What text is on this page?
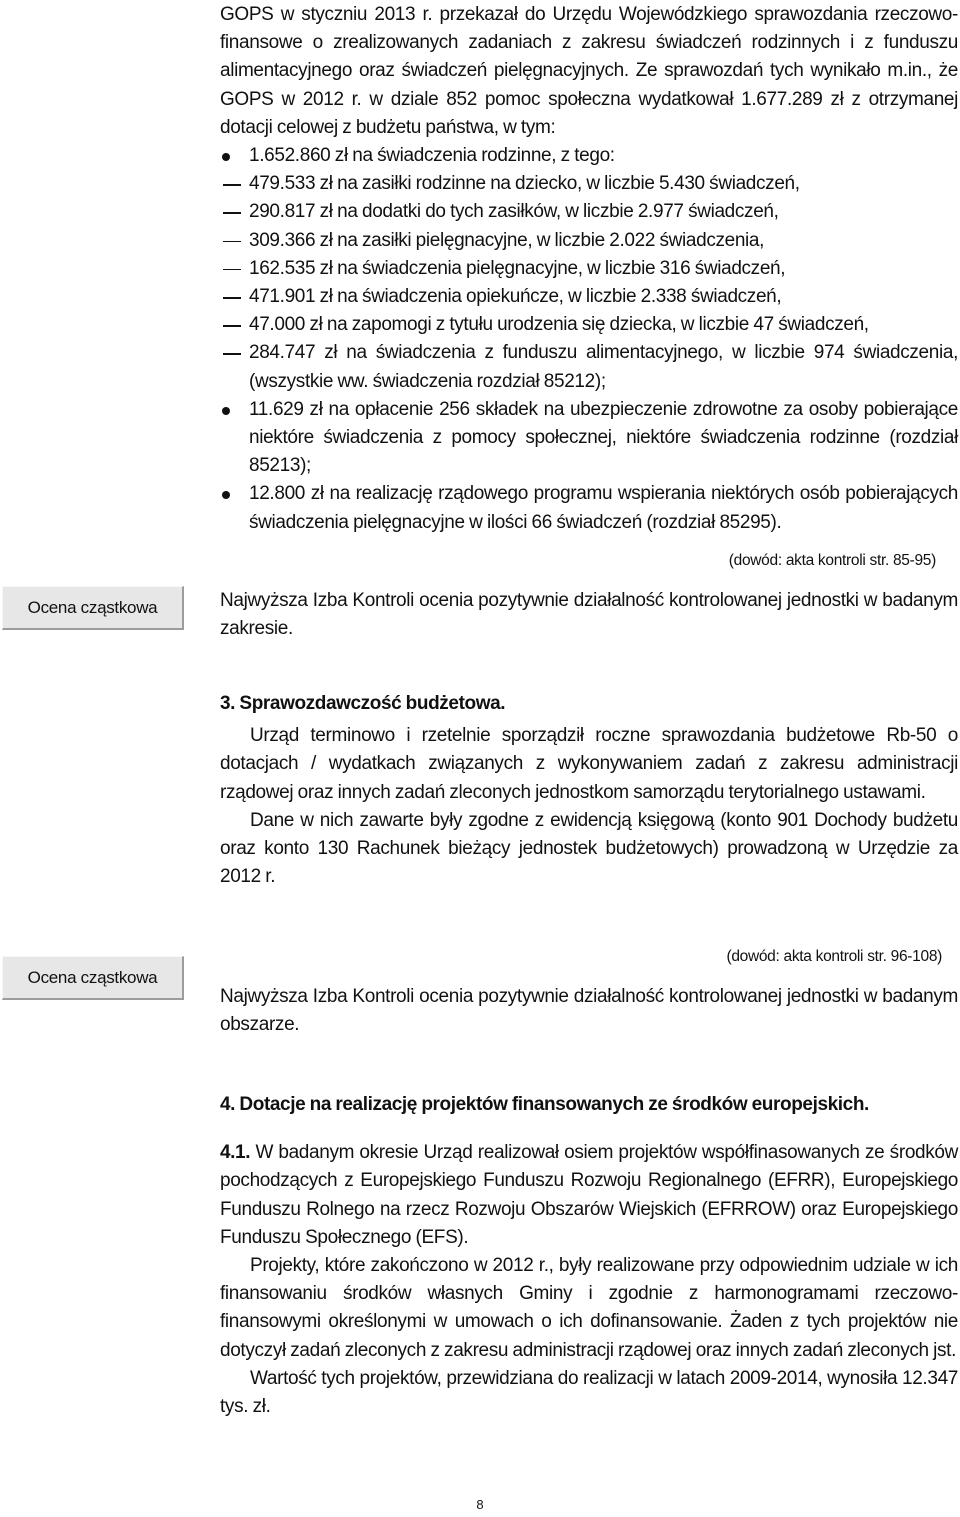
GOPS w styczniu 2013 r. przekazał do Urzędu Wojewódzkiego sprawozdania rzeczowo-finansowe o zrealizowanych zadaniach z zakresu świadczeń rodzinnych i z funduszu alimentacyjnego oraz świadczeń pielęgnacyjnych. Ze sprawozdań tych wynikało m.in., że GOPS w 2012 r. w dziale 852 pomoc społeczna wydatkował 1.677.289 zł z otrzymanej dotacji celowej z budżetu państwa, w tym:

1.652.860 zł na świadczenia rodzinne, z tego:
479.533 zł na zasiłki rodzinne na dziecko, w liczbie 5.430 świadczeń,
290.817 zł na dodatki do tych zasiłków, w liczbie 2.977 świadczeń,
309.366 zł na zasiłki pielęgnacyjne, w liczbie 2.022 świadczenia,
162.535 zł na świadczenia pielęgnacyjne, w liczbie 316 świadczeń,
471.901 zł na świadczenia opiekuńcze, w liczbie 2.338 świadczeń,
47.000 zł na zapomogi z tytułu urodzenia się dziecka, w liczbie 47 świadczeń,
284.747 zł na świadczenia z funduszu alimentacyjnego, w liczbie 974 świadczenia, (wszystkie ww. świadczenia rozdział 85212);
11.629 zł na opłacenie 256 składek na ubezpieczenie zdrowotne za osoby pobierające niektóre świadczenia z pomocy społecznej, niektóre świadczenia rodzinne (rozdział 85213);
12.800 zł na realizację rządowego programu wspierania niektórych osób pobierających świadczenia pielęgnacyjne w ilości 66 świadczeń (rozdział 85295).
(dowód: akta kontroli str. 85-95)
Ocena cząstkowa	Najwyższa Izba Kontroli ocenia pozytywnie działalność kontrolowanej jednostki w badanym zakresie.

3. Sprawozdawczość budżetowa.

Urząd terminowo i rzetelnie sporządził roczne sprawozdania budżetowe Rb-50 o dotacjach / wydatkach związanych z wykonywaniem zadań z zakresu administracji rządowej oraz innych zadań zleconych jednostkom samorządu terytorialnego ustawami.

Dane w nich zawarte były zgodne z ewidencją księgową (konto 901 Dochody budżetu oraz konto 130 Rachunek bieżący jednostek budżetowych) prowadzoną w Urzędzie za 2012 r.

(dowód: akta kontroli str. 96-108)
Ocena cząstkowa

Najwyższa Izba Kontroli ocenia pozytywnie działalność kontrolowanej jednostki w badanym obszarze.

4. Dotacje na realizację projektów finansowanych ze środków europejskich.

4.1. W badanym okresie Urząd realizował osiem projektów współfinasowanych ze środków pochodzących z Europejskiego Funduszu Rozwoju Regionalnego (EFRR), Europejskiego Funduszu Rolnego na rzecz Rozwoju Obszarów Wiejskich (EFRROW) oraz Europejskiego Funduszu Społecznego (EFS).

Projekty, które zakończono w 2012 r., były realizowane przy odpowiednim udziale w ich finansowaniu środków własnych Gminy i zgodnie z harmonogramami rzeczowo-finansowymi określonymi w umowach o ich dofinansowanie. Żaden z tych projektów nie dotyczył zadań zleconych z zakresu administracji rządowej oraz innych zadań zleconych jst.

Wartość tych projektów, przewidziana do realizacji w latach 2009-2014, wynosiła 12.347 tys. zł.

8
